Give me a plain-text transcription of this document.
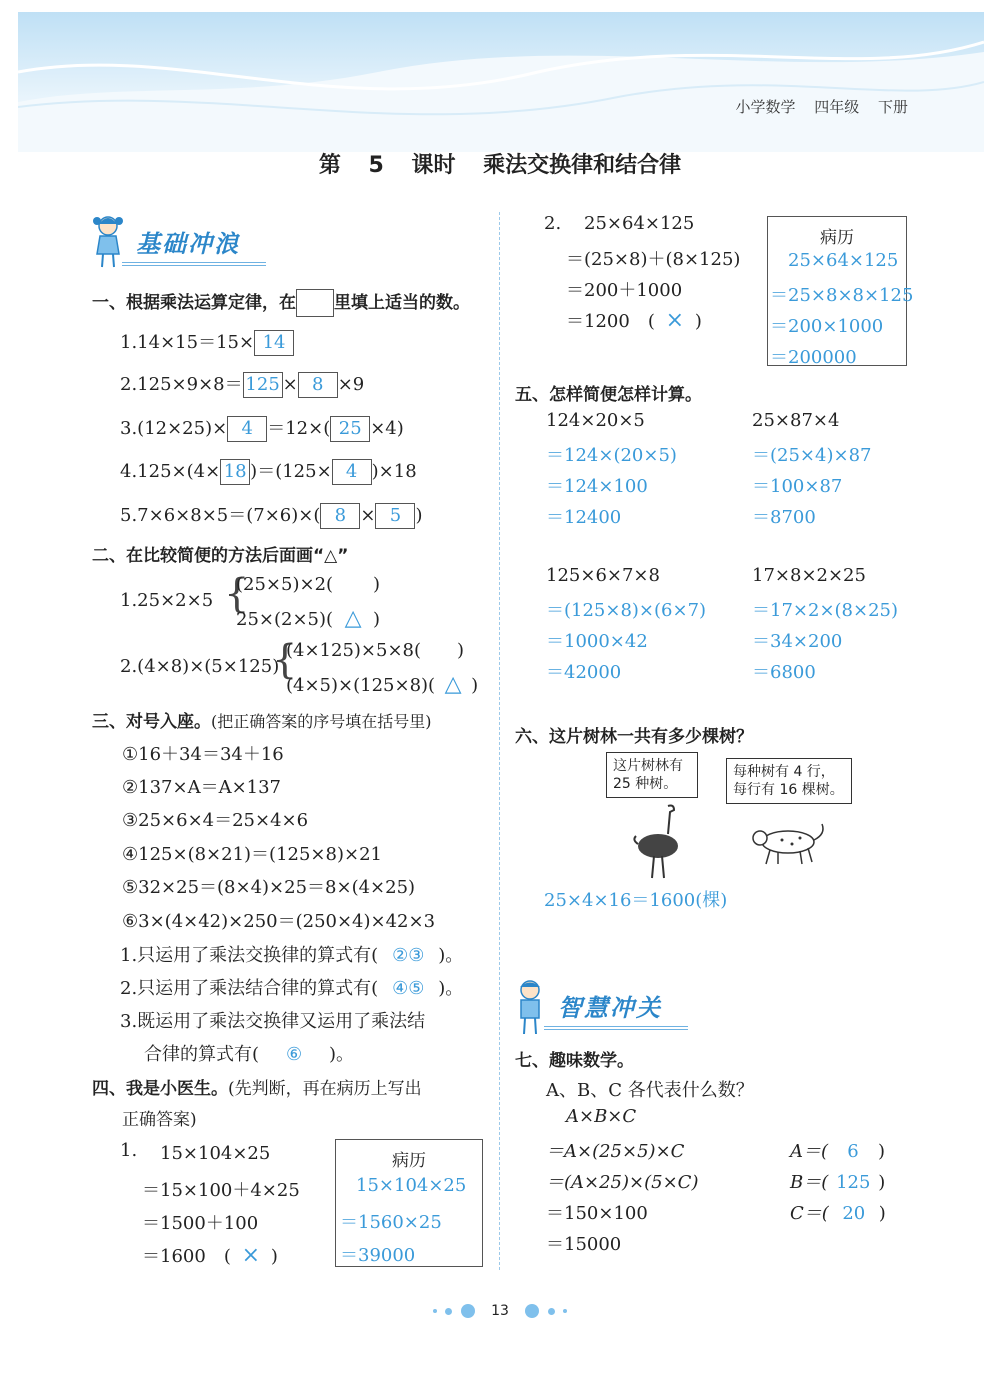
小学数学 四年级 下册
第 5 课时 乘法交换律和结合律
基础冲浪
一、根据乘法运算定律，在 里填上适当的数。
1.14×15＝15× 14
2.125×9×8＝ 125 × 8 ×9
3.(12×25)× 4 ＝12×( 25 ×4)
4.125×(4× 18 )＝(125× 4 )×18
5.7×6×8×5＝(7×6)×( 8 × 5 )
二、在比较简便的方法后面画“△”
1.25×2×5 {
(25×5)×2( )
25×(2×5)( △ )
2.(4×8)×(5×125)
{
(4×125)×5×8( )
(4×5)×(125×8)( △ )
三、对号入座。(把正确答案的序号填在括号里)
①16＋34＝34＋16
②137×A＝A×137
③25×6×4＝25×4×6
④125×(8×21)＝(125×8)×21
⑤32×25＝(8×4)×25＝8×(4×25)
⑥3×(4×42)×250＝(250×4)×42×3
1.只运用了乘法交换律的算式有( ②③ )。
2.只运用了乘法结合律的算式有( ④⑤ )。
3.既运用了乘法交换律又运用了乘法结
合律的算式有( ⑥ )。
四、我是小医生。(先判断，再在病历上写出
正确答案)
1. 15×104×25
＝15×100＋4×25
＝1500＋100
＝1600 ( × )
病历
15×104×25
＝1560×25
＝39000
2. 25×64×125
＝(25×8)＋(8×125)
＝200＋1000
＝1200 ( × )
病历
25×64×125
＝25×8×8×125
＝200×1000
＝200000
五、怎样简便怎样计算。
124×20×5
＝124×(20×5)
＝124×100
＝12400
25×87×4
＝(25×4)×87
＝100×87
＝8700
125×6×7×8
＝(125×8)×(6×7)
＝1000×42
＝42000
17×8×2×25
＝17×2×(8×25)
＝34×200
＝6800
六、这片树林一共有多少棵树？
这片树林有
25 种树。
每种树有 4 行，
每行有 16 棵树。
25×4×16＝1600(棵)
智慧冲关
七、趣味数学。
A、B、C 各代表什么数？
A×B×C
＝A×(25×5)×C
＝(A×25)×(5×C)
＝150×100
＝15000
A＝( 6 )
B＝( 125 )
C＝( 20 )
13
